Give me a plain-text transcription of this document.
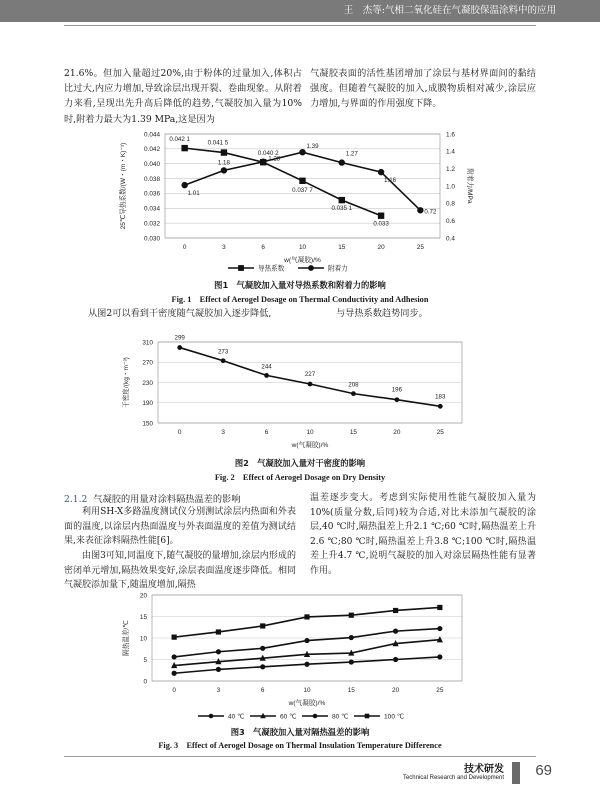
王　杰等:气相二氧化硅在气凝胶保温涂料中的应用

21.6%。但加入量超过20%,由于粉体的过量加入,体积占比过大,内应力增加,导致涂层出现开裂、卷曲现象。从附着力来看,呈现出先升高后降低的趋势,气凝胶加入量为10%时,附着力最大为1.39 MPa,这是因为

气凝胶表面的活性基团增加了涂层与基材界面间的黏结强度。但随着气凝胶的加入,成膜物质相对减少,涂层应力增加,与界面的作用强度下降。

0.044
0.042
0.040
0.038
0.036
0.034
0.032
0.030
1.6
1.4
1.2
1.0
0.8
0.6
0.4
0	3	6	10	15	20	25
w(气凝胶)/%
25℃导热系数/(W・(m・K)⁻¹)	附着力/MPa
0.042 1	0.041 5
0.040 2
0.037 7
0.035 1
0.033
1.01
1.18
1.28
1.39
1.27
1.16
0.72
导热系数	附着力
图1　气凝胶加入量对导热系数和附着力的影响
Fig. 1　Effect of Aerogel Dosage on Thermal Conductivity and Adhesion

从图2可以看到干密度随气凝胶加入逐步降低,	与导热系数趋势同步。

310
270
230
190
150
0	3	6	10	15	20	25
w(气凝胶)/%
干密度/(kg・m⁻³)
299
273
244
227
208
196
183
图2　气凝胶加入量对干密度的影响
Fig. 2　Effect of Aerogel Dosage on Dry Density
2.1.2 气凝胶的用量对涂料隔热温差的影响

利用SH-X多路温度测试仪分别测试涂层内热面和外表面的温度,以涂层内热面温度与外表面温度的差值为测试结果,来表征涂料隔热性能[6]。

由图3可知,同温度下,随气凝胶的量增加,涂层内形成的密闭单元增加,隔热效果变好,涂层表面温度逐步降低。相同气凝胶添加量下,随温度增加,隔热

温差逐步变大。考虑到实际使用性能气凝胶加入量为10%(质量分数,后同)较为合适,对比未添加气凝胶的涂层,40 ℃时,隔热温差上升2.1 ℃;60 ℃时,隔热温差上升2.6 ℃;80 ℃时,隔热温差上升3.8 ℃;100 ℃时,隔热温差上升4.7 ℃,说明气凝胶的加入对涂层隔热性能有显著作用。

20
15
10
5
0
0	3	6	10	15	20	25
w(气凝胶)/%
隔热温差/℃
40 ℃	60 ℃	80 ℃	100 ℃
图3　气凝胶加入量对隔热温差的影响
Fig. 3　Effect of Aerogel Dosage on Thermal Insulation Temperature Difference
技术研发
Technical Research and Development 69
